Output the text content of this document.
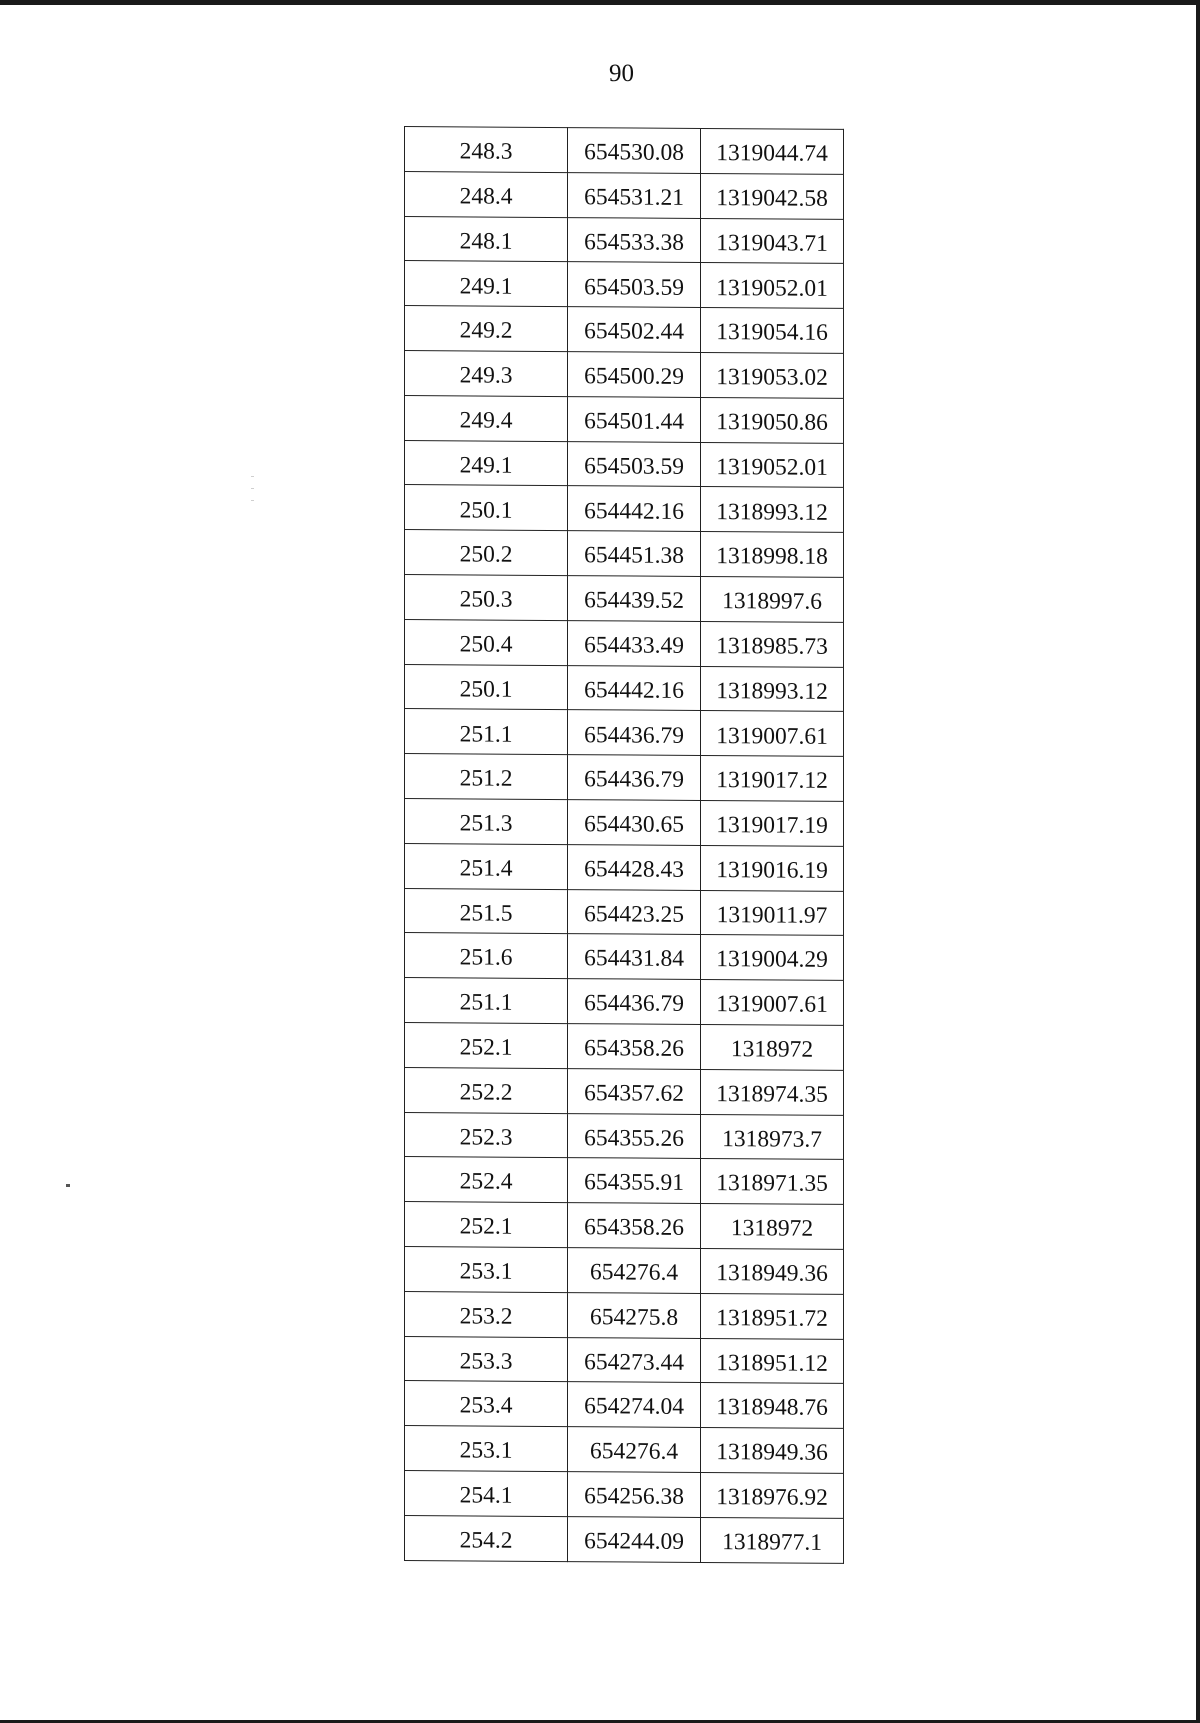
90
248.3	654530.08	1319044.74
248.4	654531.21	1319042.58
248.1	654533.38	1319043.71
249.1	654503.59	1319052.01
249.2	654502.44	1319054.16
249.3	654500.29	1319053.02
249.4	654501.44	1319050.86
249.1	654503.59	1319052.01
250.1	654442.16	1318993.12
250.2	654451.38	1318998.18
250.3	654439.52	1318997.6
250.4	654433.49	1318985.73
250.1	654442.16	1318993.12
251.1	654436.79	1319007.61
251.2	654436.79	1319017.12
251.3	654430.65	1319017.19
251.4	654428.43	1319016.19
251.5	654423.25	1319011.97
251.6	654431.84	1319004.29
251.1	654436.79	1319007.61
252.1	654358.26	1318972
252.2	654357.62	1318974.35
252.3	654355.26	1318973.7
252.4	654355.91	1318971.35
252.1	654358.26	1318972
253.1	654276.4	1318949.36
253.2	654275.8	1318951.72
253.3	654273.44	1318951.12
253.4	654274.04	1318948.76
253.1	654276.4	1318949.36
254.1	654256.38	1318976.92
254.2	654244.09	1318977.1
